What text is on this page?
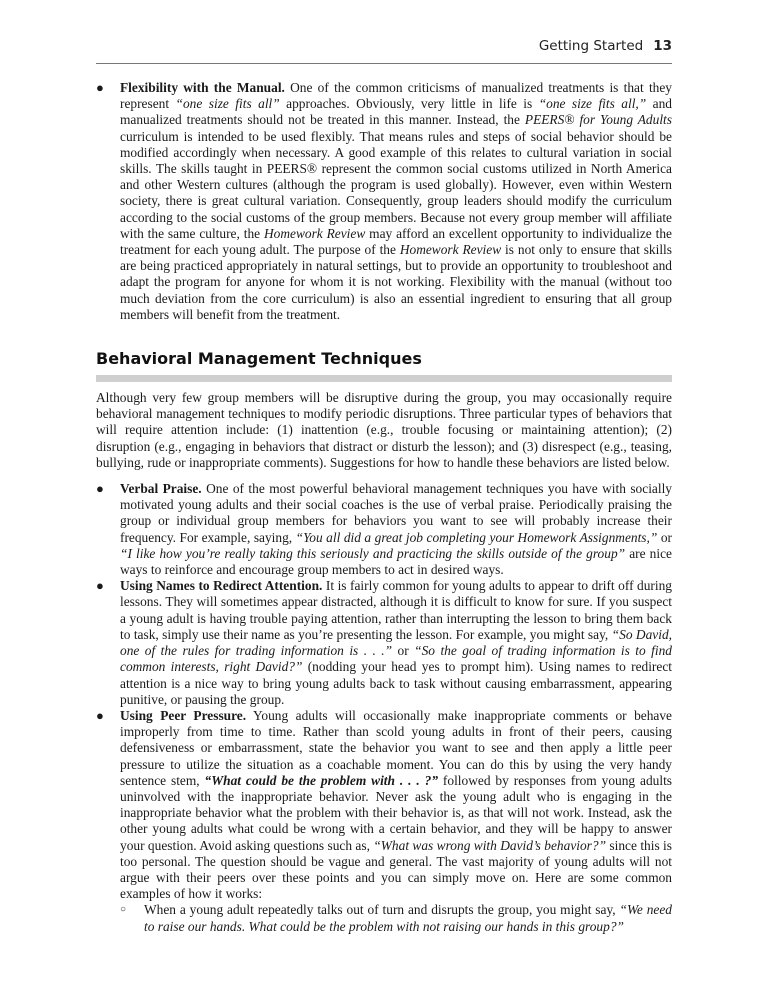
Getting Started 13
● Flexibility with the Manual. One of the common criticisms of manualized treatments is that they represent “one size fits all” approaches. Obviously, very little in life is “one size fits all,” and manualized treatments should not be treated in this manner. Instead, the PEERS® for Young Adults curriculum is intended to be used flexibly. That means rules and steps of social behavior should be modified accordingly when necessary. A good example of this relates to cultural variation in social skills. The skills taught in PEERS® represent the common social customs utilized in North America and other Western cultures (although the program is used globally). However, even within Western society, there is great cultural variation. Consequently, group leaders should modify the curriculum according to the social customs of the group members. Because not every group member will affiliate with the same culture, the Homework Review may afford an excellent opportunity to individualize the treatment for each young adult. The purpose of the Homework Review is not only to ensure that skills are being practiced appropriately in natural settings, but to provide an opportunity to troubleshoot and adapt the program for anyone for whom it is not working. Flexibility with the manual (without too much deviation from the core curriculum) is also an essential ingredient to ensuring that all group members will benefit from the treatment.
Behavioral Management Techniques

Although very few group members will be disruptive during the group, you may occasionally require behavioral management techniques to modify periodic disruptions. Three particular types of behaviors that will require attention include: (1) inattention (e.g., trouble focusing or maintaining attention); (2) disruption (e.g., engaging in behaviors that distract or disturb the lesson); and (3) disrespect (e.g., teasing, bullying, rude or inappropriate comments). Suggestions for how to handle these behaviors are listed below.

● Verbal Praise. One of the most powerful behavioral management techniques you have with socially motivated young adults and their social coaches is the use of verbal praise. Periodically praising the group or individual group members for behaviors you want to see will probably increase their frequency. For example, saying, “You all did a great job completing your Homework Assignments,” or “I like how you’re really taking this seriously and practicing the skills outside of the group” are nice ways to reinforce and encourage group members to act in desired ways.
● Using Names to Redirect Attention. It is fairly common for young adults to appear to drift off during lessons. They will sometimes appear distracted, although it is difficult to know for sure. If you suspect a young adult is having trouble paying attention, rather than interrupting the lesson to bring them back to task, simply use their name as you’re presenting the lesson. For example, you might say, “So David, one of the rules for trading information is . . .” or “So the goal of trading information is to find common interests, right David?” (nodding your head yes to prompt him). Using names to redirect attention is a nice way to bring young adults back to task without causing embarrassment, appearing punitive, or pausing the group.
● Using Peer Pressure. Young adults will occasionally make inappropriate comments or behave improperly from time to time. Rather than scold young adults in front of their peers, causing defensiveness or embarrassment, state the behavior you want to see and then apply a little peer pressure to utilize the situation as a coachable moment. You can do this by using the very handy sentence stem, “What could be the problem with . . . ?” followed by responses from young adults uninvolved with the inappropriate behavior. Never ask the young adult who is engaging in the inappropriate behavior what the problem with their behavior is, as that will not work. Instead, ask the other young adults what could be wrong with a certain behavior, and they will be happy to answer your question. Avoid asking questions such as, “What was wrong with David’s behavior?” since this is too personal. The question should be vague and general. The vast majority of young adults will not argue with their peers over these points and you can simply move on. Here are some common examples of how it works:
○ When a young adult repeatedly talks out of turn and disrupts the group, you might say, “We need to raise our hands. What could be the problem with not raising our hands in this group?”
